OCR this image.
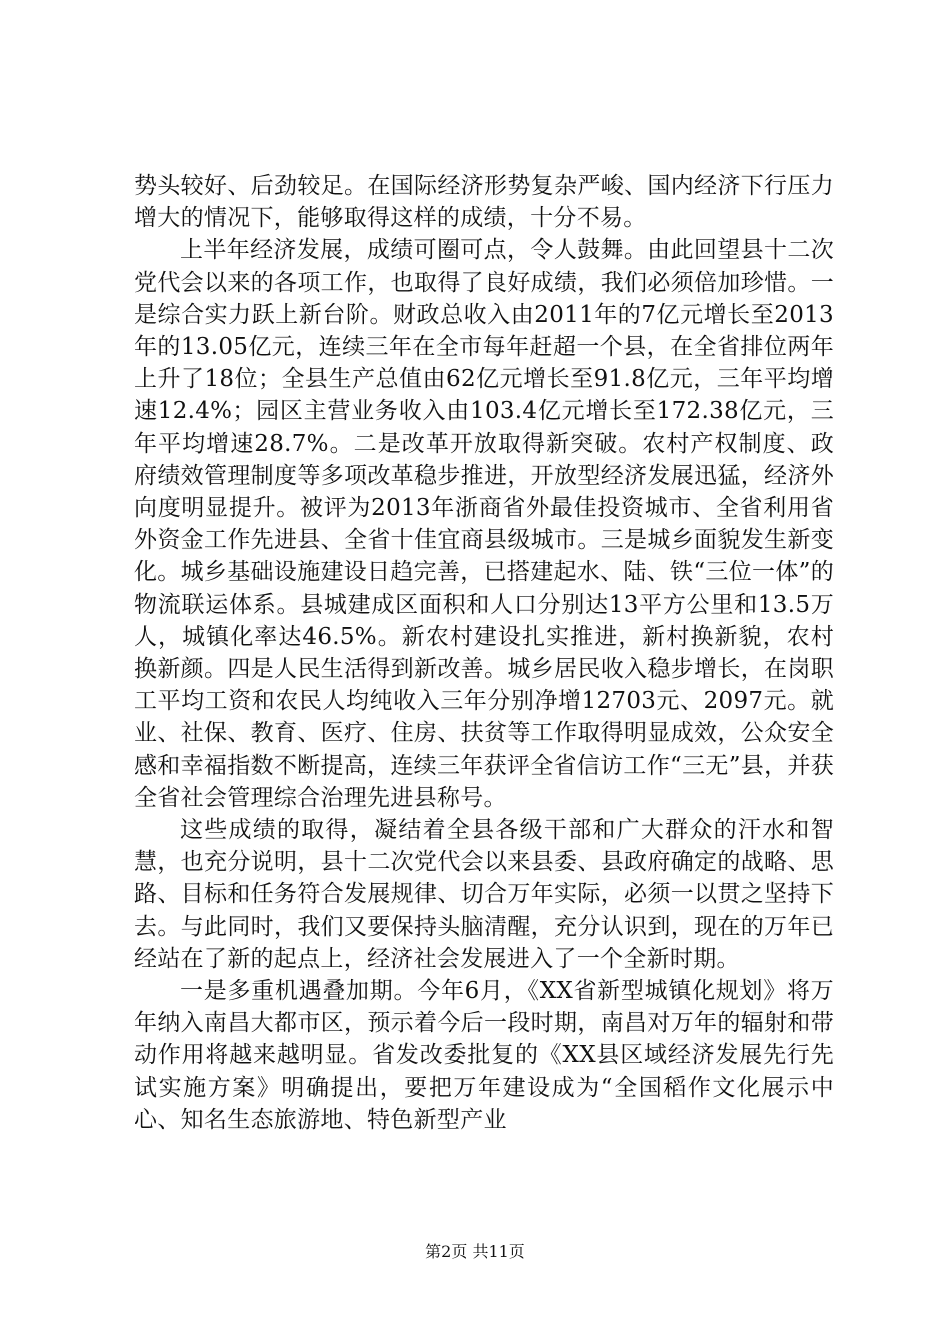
势头较好、后劲较足。在国际经济形势复杂严峻、国内经济下行压力增大的情况下，能够取得这样的成绩，十分不易。

上半年经济发展，成绩可圈可点，令人鼓舞。由此回望县十二次党代会以来的各项工作，也取得了良好成绩，我们必须倍加珍惜。一是综合实力跃上新台阶。财政总收入由2011年的7亿元增长至2013年的13.05亿元，连续三年在全市每年赶超一个县，在全省排位两年上升了18位；全县生产总值由62亿元增长至91.8亿元，三年平均增速12.4%；园区主营业务收入由103.4亿元增长至172.38亿元，三年平均增速28.7%。二是改革开放取得新突破。农村产权制度、政府绩效管理制度等多项改革稳步推进，开放型经济发展迅猛，经济外向度明显提升。被评为2013年浙商省外最佳投资城市、全省利用省外资金工作先进县、全省十佳宜商县级城市。三是城乡面貌发生新变化。城乡基础设施建设日趋完善，已搭建起水、陆、铁“三位一体”的物流联运体系。县城建成区面积和人口分别达13平方公里和13.5万人，城镇化率达46.5%。新农村建设扎实推进，新村换新貌，农村换新颜。四是人民生活得到新改善。城乡居民收入稳步增长，在岗职工平均工资和农民人均纯收入三年分别净增12703元、2097元。就业、社保、教育、医疗、住房、扶贫等工作取得明显成效，公众安全感和幸福指数不断提高，连续三年获评全省信访工作“三无”县，并获全省社会管理综合治理先进县称号。

这些成绩的取得，凝结着全县各级干部和广大群众的汗水和智慧，也充分说明，县十二次党代会以来县委、县政府确定的战略、思路、目标和任务符合发展规律、切合万年实际，必须一以贯之坚持下去。与此同时，我们又要保持头脑清醒，充分认识到，现在的万年已经站在了新的起点上，经济社会发展进入了一个全新时期。

一是多重机遇叠加期。今年6月，《XX省新型城镇化规划》将万年纳入南昌大都市区，预示着今后一段时期，南昌对万年的辐射和带动作用将越来越明显。省发改委批复的《XX县区域经济发展先行先试实施方案》明确提出，要把万年建设成为“全国稻作文化展示中心、知名生态旅游地、特色新型产业

第2页 共11页
